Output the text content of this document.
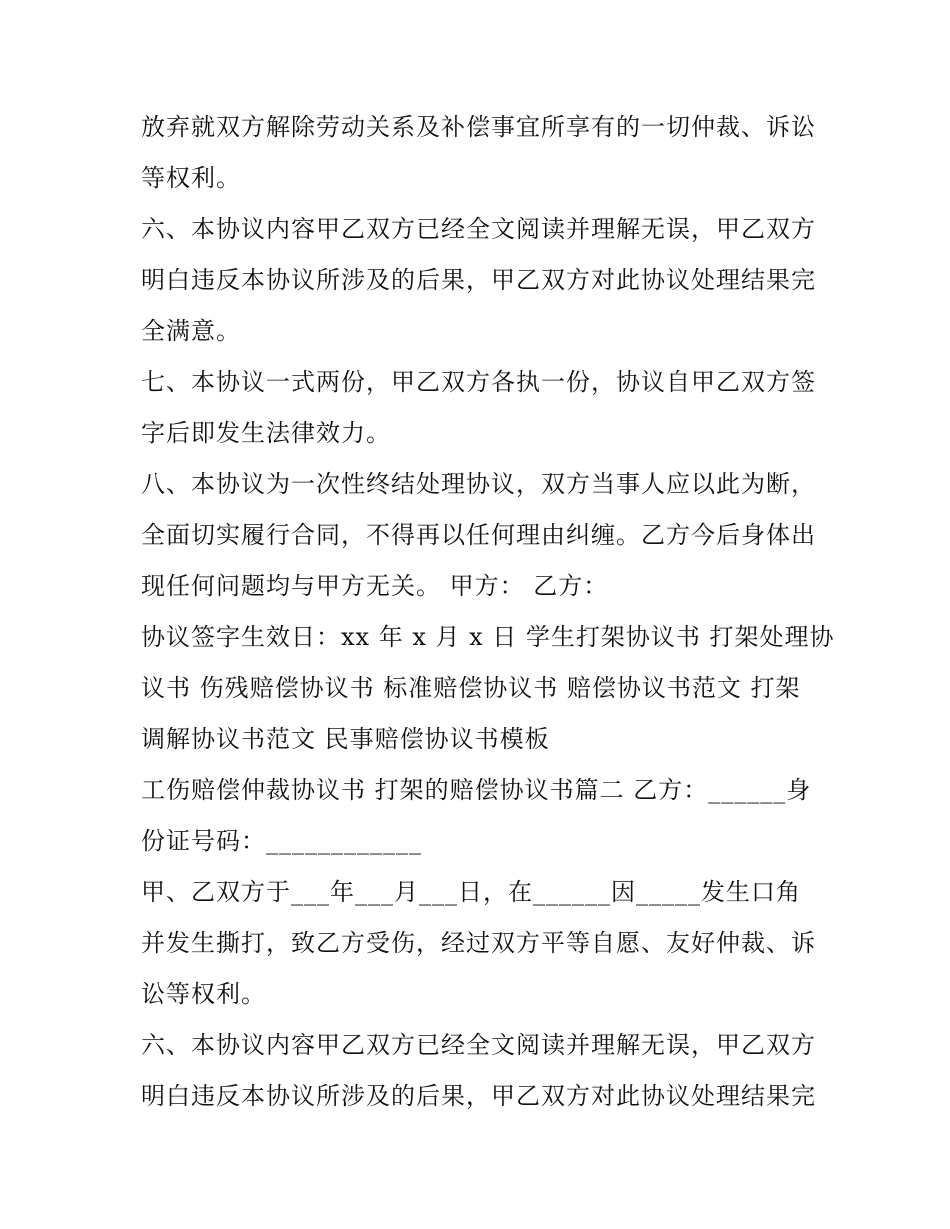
放弃就双方解除劳动关系及补偿事宜所享有的一切仲裁、诉讼
等权利。
六、本协议内容甲乙双方已经全文阅读并理解无误，甲乙双方
明白违反本协议所涉及的后果，甲乙双方对此协议处理结果完
全满意。
七、本协议一式两份，甲乙双方各执一份，协议自甲乙双方签
字后即发生法律效力。
八、本协议为一次性终结处理协议，双方当事人应以此为断，
全面切实履行合同，不得再以任何理由纠缠。乙方今后身体出
现任何问题均与甲方无关。 甲方： 乙方：
协议签字生效日：xx 年 x 月 x 日 学生打架协议书 打架处理协
议书 伤残赔偿协议书 标准赔偿协议书 赔偿协议书范文 打架
调解协议书范文 民事赔偿协议书模板
工伤赔偿仲裁协议书 打架的赔偿协议书篇二 乙方：______身
份证号码：____________
甲、乙双方于___年___月___日，在______因_____发生口角
并发生撕打，致乙方受伤，经过双方平等自愿、友好仲裁、诉
讼等权利。
六、本协议内容甲乙双方已经全文阅读并理解无误，甲乙双方
明白违反本协议所涉及的后果，甲乙双方对此协议处理结果完
